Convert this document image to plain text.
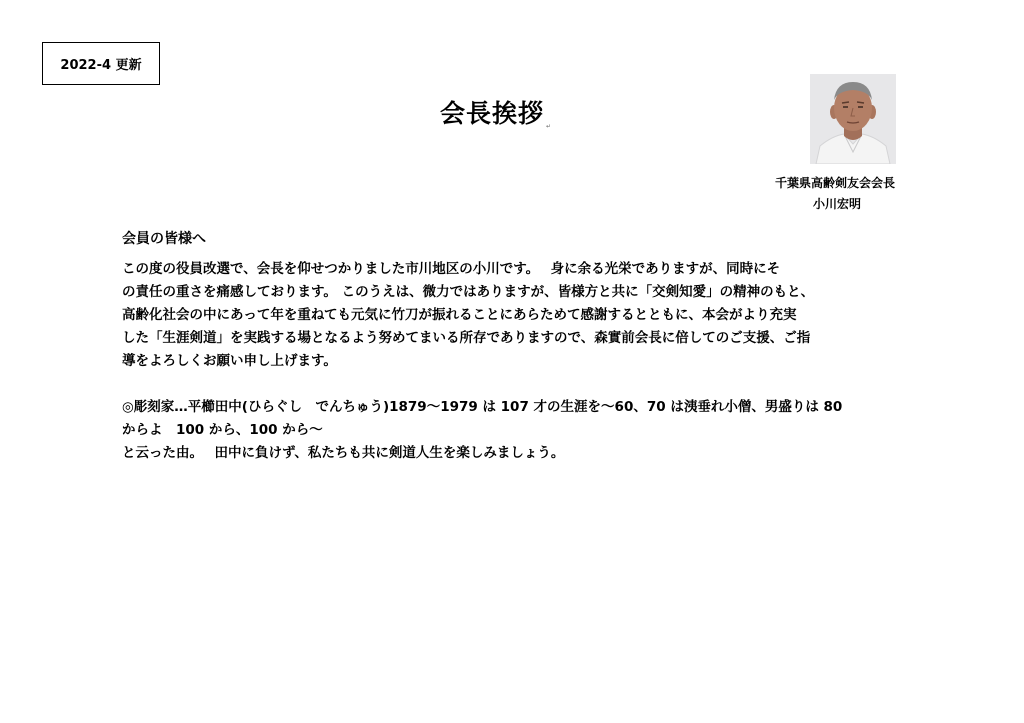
2022-4 更新
会長挨拶 ↵
千葉県高齢剣友会会長
小川宏明
会員の皆様へ

この度の役員改選で、会長を仰せつかりました市川地区の小川です。　 身に余る光栄でありますが、同時にそ

の責任の重さを痛感しております。 このうえは、微力ではありますが、皆様方と共に「交剣知愛」の精神のもと、

高齢化社会の中にあって年を重ねても元気に竹刀が振れることにあらためて感謝するとともに、本会がより充実

した「生涯剣道」を実践する場となるよう努めてまいる所存でありますので、森實前会長に倍してのご支援、ご指

導をよろしくお願い申し上げます。

◎彫刻家…平櫛田中(ひらぐし　でんちゅう)1879～1979 は 107 才の生涯を～60、70 は洟垂れ小僧、男盛りは 80

からよ　100 から、100 から～

と云った由。　 田中に負けず、私たちも共に剣道人生を楽しみましょう。
